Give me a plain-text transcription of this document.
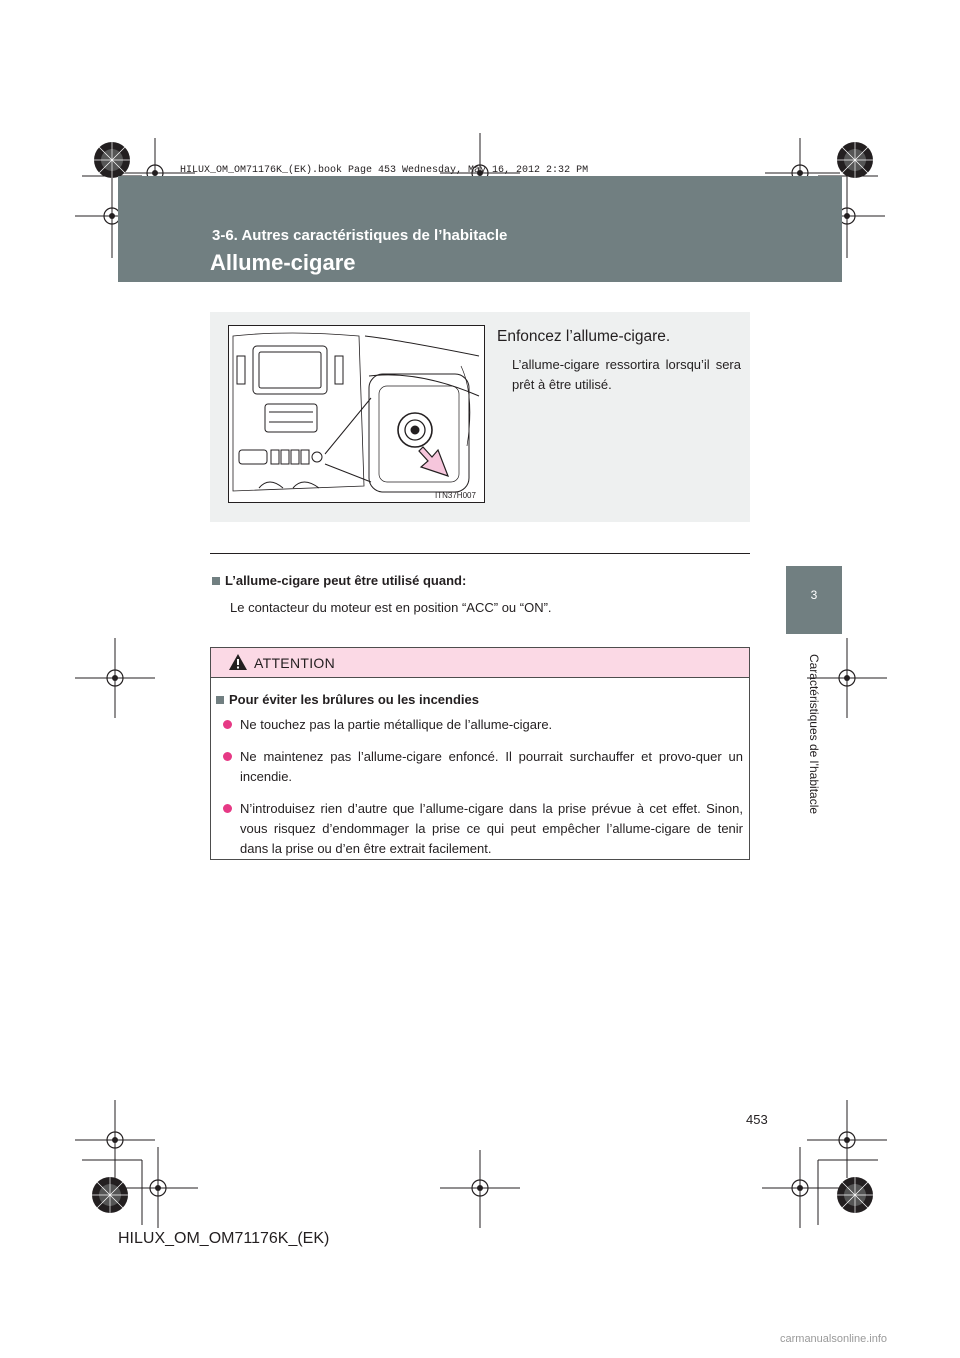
HILUX_OM_OM71176K_(EK).book Page 453 Wednesday, May 16, 2012 2:32 PM
3-6. Autres caractéristiques de l’habitacle
Allume-cigare
3
Caractéristiques de l’habitacle
ITN37H007
Enfoncez l’allume-cigare.
L’allume-cigare ressortira lorsqu’il sera prêt à être utilisé.
L’allume-cigare peut être utilisé quand:
Le contacteur du moteur est en position “ACC” ou “ON”.
ATTENTION
Pour éviter les brûlures ou les incendies
Ne touchez pas la partie métallique de l’allume-cigare.
Ne maintenez pas l’allume-cigare enfoncé. Il pourrait surchauffer et provo-quer un incendie.
N’introduisez rien d’autre que l’allume-cigare dans la prise prévue à cet effet. Sinon, vous risquez d’endommager la prise ce qui peut empêcher l’allume-cigare de tenir dans la prise ou d’en être extrait facilement.
453
HILUX_OM_OM71176K_(EK)
carmanualsonline.info
